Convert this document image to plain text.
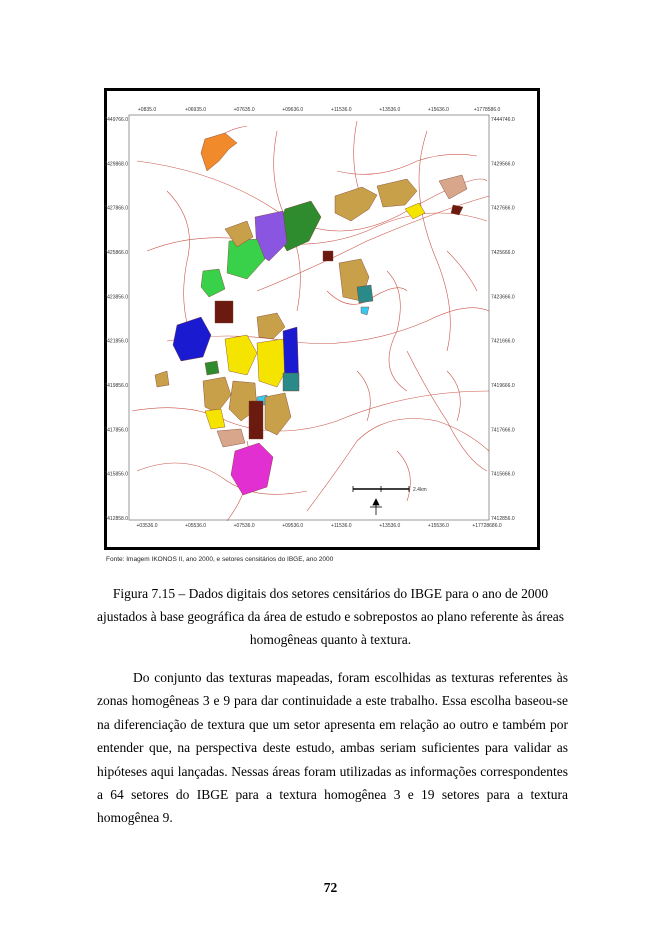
+0835.0	+06935.0	+07635.0	+09636.0	+11536.0	+13536.0	+15636.0	+1778586.0
+03536.0	+05536.0	+07536.0	+09536.0	+11536.0	+13536.0	+15536.0	+17728686.0
7449766.0
7429868.0
7427866.0
7425866.0
7423856.0
7421856.0
7419856.0
7417856.0
7415856.0
7412858.0
7444746.0
7429566.0
7427666.0
7425666.0
7423666.0
7421666.0
7419666.0
7417666.0
7415666.0
7412856.0
2.4km
Fonte: Imagem IKONOS II, ano 2000, e setores censitários do IBGE, ano 2000
Figura 7.15 – Dados digitais dos setores censitários do IBGE para o ano de 2000
ajustados à base geográfica da área de estudo e sobrepostos ao plano referente às áreas
homogêneas quanto à textura.
Do conjunto das texturas mapeadas, foram escolhidas as texturas referentes às zonas homogêneas 3 e 9 para dar continuidade a este trabalho. Essa escolha baseou-se na diferenciação de textura que um setor apresenta em relação ao outro e também por entender que, na perspectiva deste estudo, ambas seriam suficientes para validar as hipóteses aqui lançadas. Nessas áreas foram utilizadas as informações correspondentes a 64 setores do IBGE para a textura homogênea 3 e 19 setores para a textura homogênea 9.
72
